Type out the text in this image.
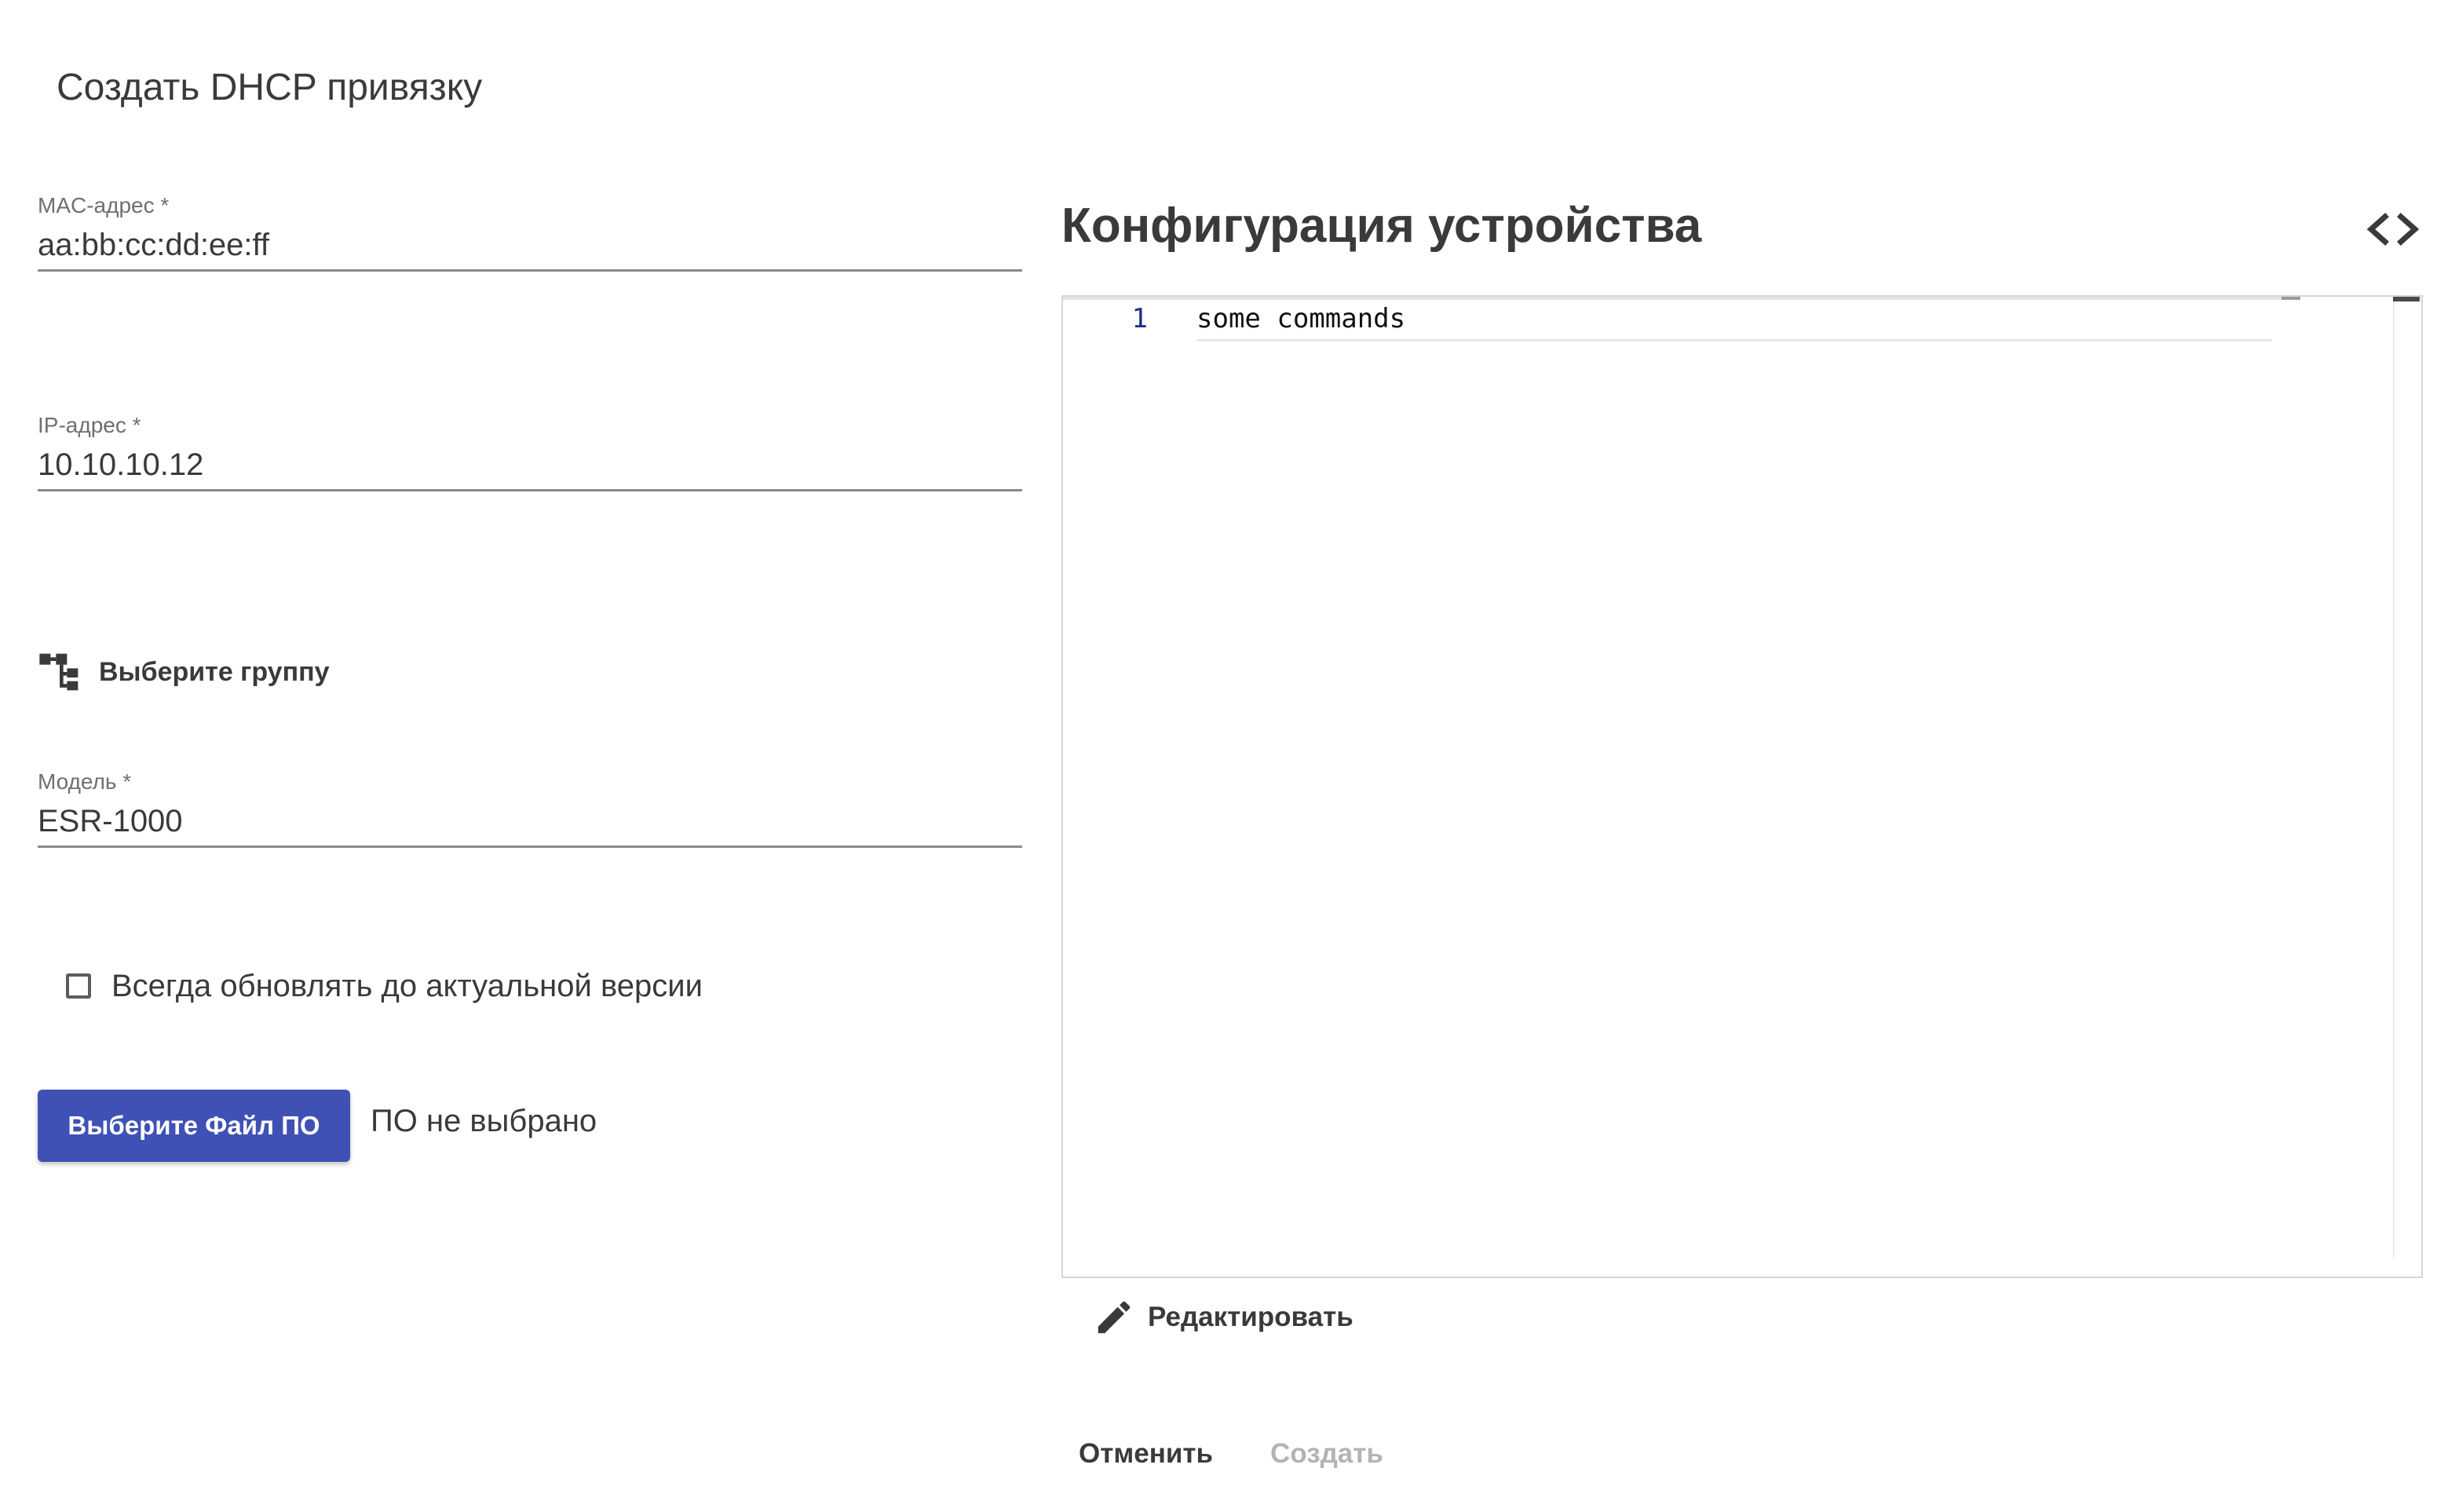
Создать DHCP привязку
MAC-адрес *
aa:bb:cc:dd:ee:ff
IP-адрес *
10.10.10.12
Выберите группу
Модель *
ESR-1000
Всегда обновлять до актуальной версии
Выберите Файл ПО	ПО не выбрано
Конфигурация устройства
1 some commands
Редактировать
Отменить Создать
